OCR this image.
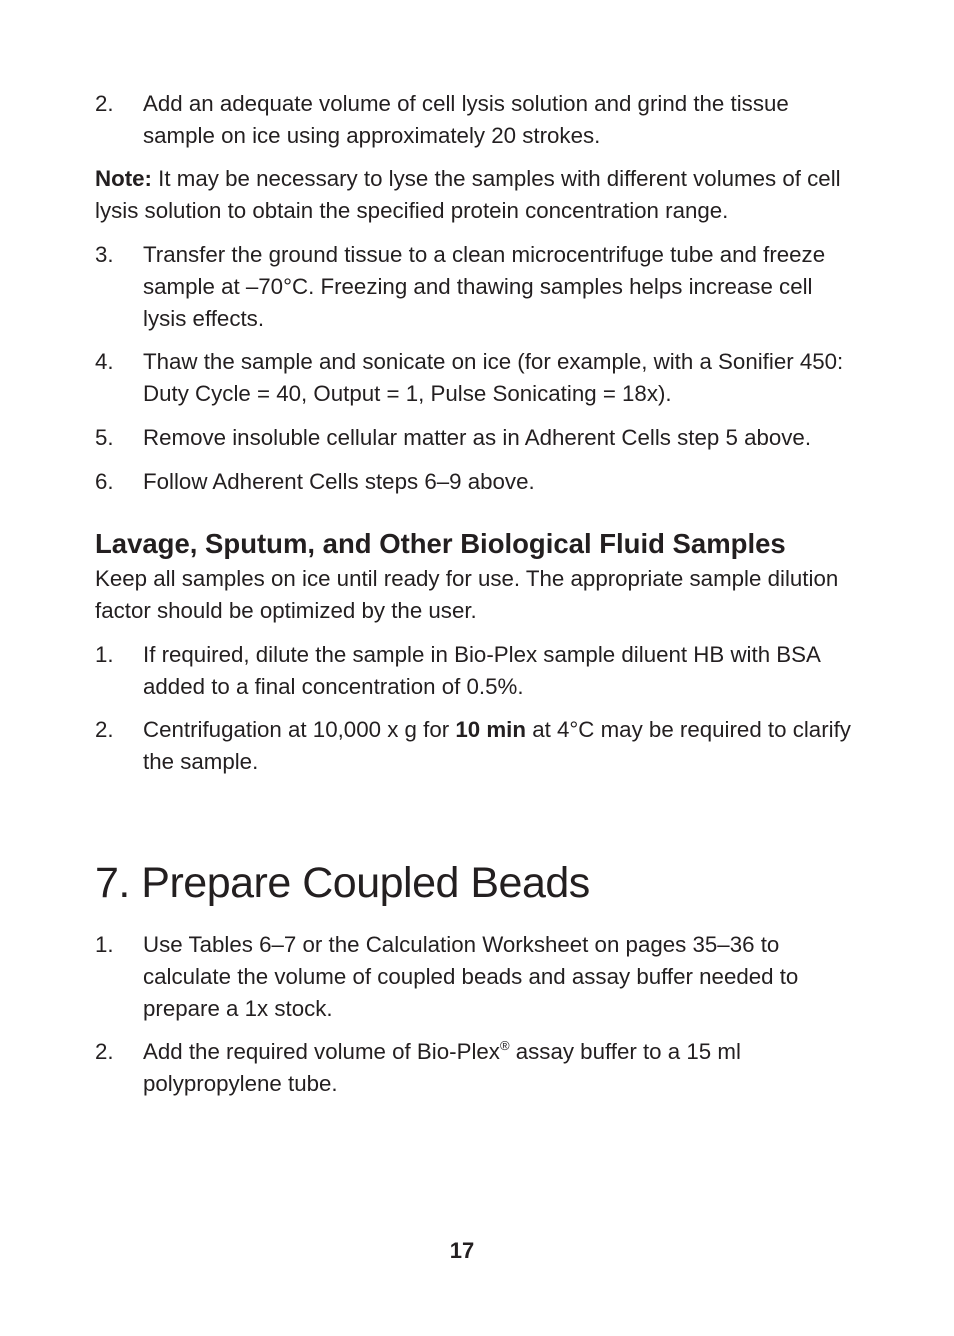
2. Add an adequate volume of cell lysis solution and grind the tissue sample on ice using approximately 20 strokes.
Note: It may be necessary to lyse the samples with different volumes of cell lysis solution to obtain the specified protein concentration range.
3. Transfer the ground tissue to a clean microcentrifuge tube and freeze sample at –70°C. Freezing and thawing samples helps increase cell lysis effects.
4. Thaw the sample and sonicate on ice (for example, with a Sonifier 450: Duty Cycle = 40, Output = 1, Pulse Sonicating = 18x).
5. Remove insoluble cellular matter as in Adherent Cells step 5 above.
6. Follow Adherent Cells steps 6–9 above.
Lavage, Sputum, and Other Biological Fluid Samples
Keep all samples on ice until ready for use. The appropriate sample dilution factor should be optimized by the user.
1. If required, dilute the sample in Bio-Plex sample diluent HB with BSA added to a final concentration of 0.5%.
2. Centrifugation at 10,000 x g for 10 min at 4°C may be required to clarify the sample.
7. Prepare Coupled Beads
1. Use Tables 6–7 or the Calculation Worksheet on pages 35–36 to calculate the volume of coupled beads and assay buffer needed to prepare a 1x stock.
2. Add the required volume of Bio-Plex® assay buffer to a 15 ml polypropylene tube.
17
